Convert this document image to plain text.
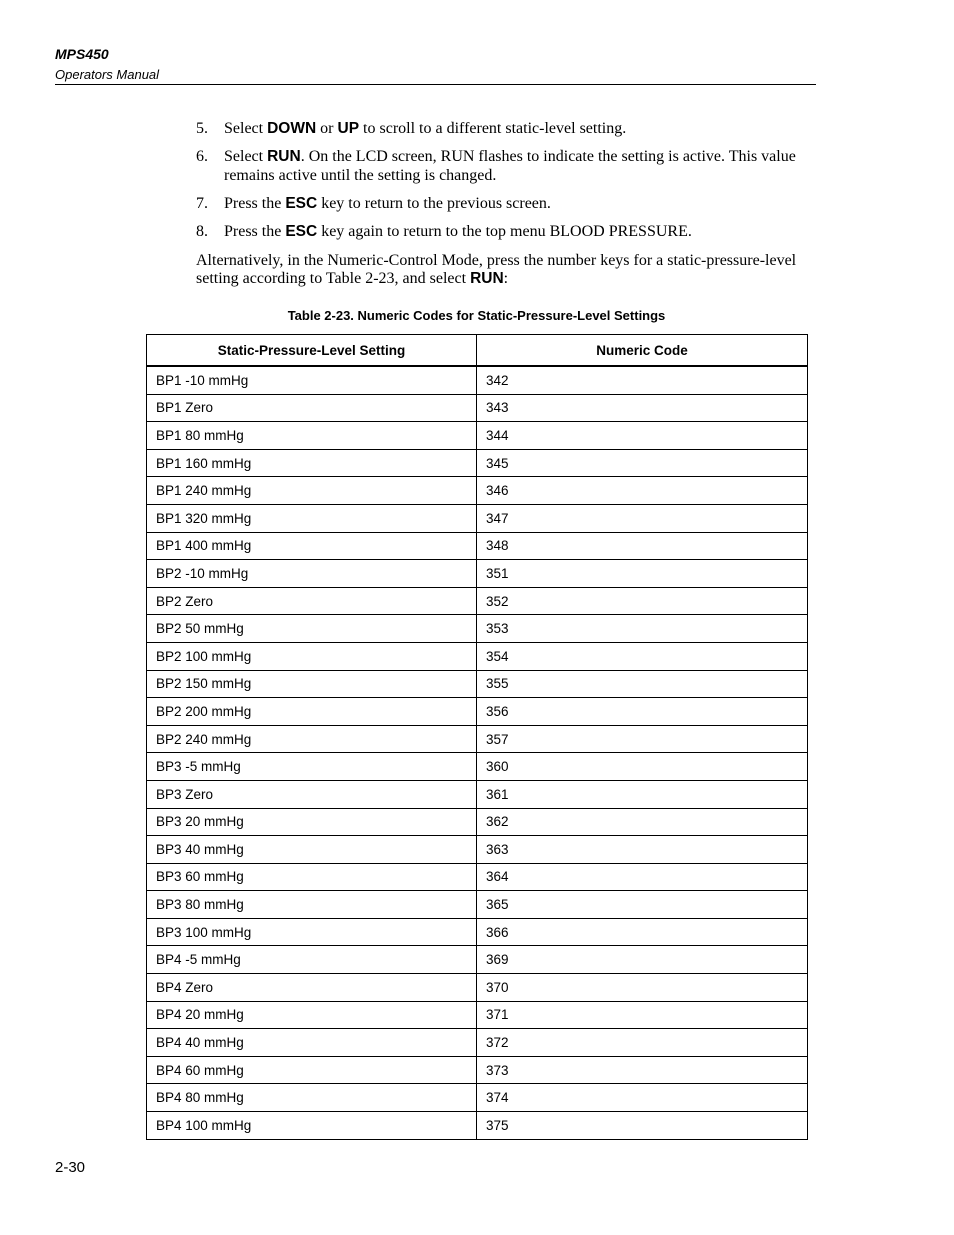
MPS450
Operators Manual
5. Select DOWN or UP to scroll to a different static-level setting.
6. Select RUN. On the LCD screen, RUN flashes to indicate the setting is active. This value remains active until the setting is changed.
7. Press the ESC key to return to the previous screen.
8. Press the ESC key again to return to the top menu BLOOD PRESSURE.
Alternatively, in the Numeric-Control Mode, press the number keys for a static-pressure-level setting according to Table 2-23, and select RUN:
Table 2-23. Numeric Codes for Static-Pressure-Level Settings
Static-Pressure-Level Setting	Numeric Code
BP1 -10 mmHg	342
BP1 Zero	343
BP1 80 mmHg	344
BP1 160 mmHg	345
BP1 240 mmHg	346
BP1 320 mmHg	347
BP1 400 mmHg	348
BP2 -10 mmHg	351
BP2 Zero	352
BP2 50 mmHg	353
BP2 100 mmHg	354
BP2 150 mmHg	355
BP2 200 mmHg	356
BP2 240 mmHg	357
BP3 -5 mmHg	360
BP3 Zero	361
BP3 20 mmHg	362
BP3 40 mmHg	363
BP3 60 mmHg	364
BP3 80 mmHg	365
BP3 100 mmHg	366
BP4 -5 mmHg	369
BP4 Zero	370
BP4 20 mmHg	371
BP4 40 mmHg	372
BP4 60 mmHg	373
BP4 80 mmHg	374
BP4 100 mmHg	375
2-30
